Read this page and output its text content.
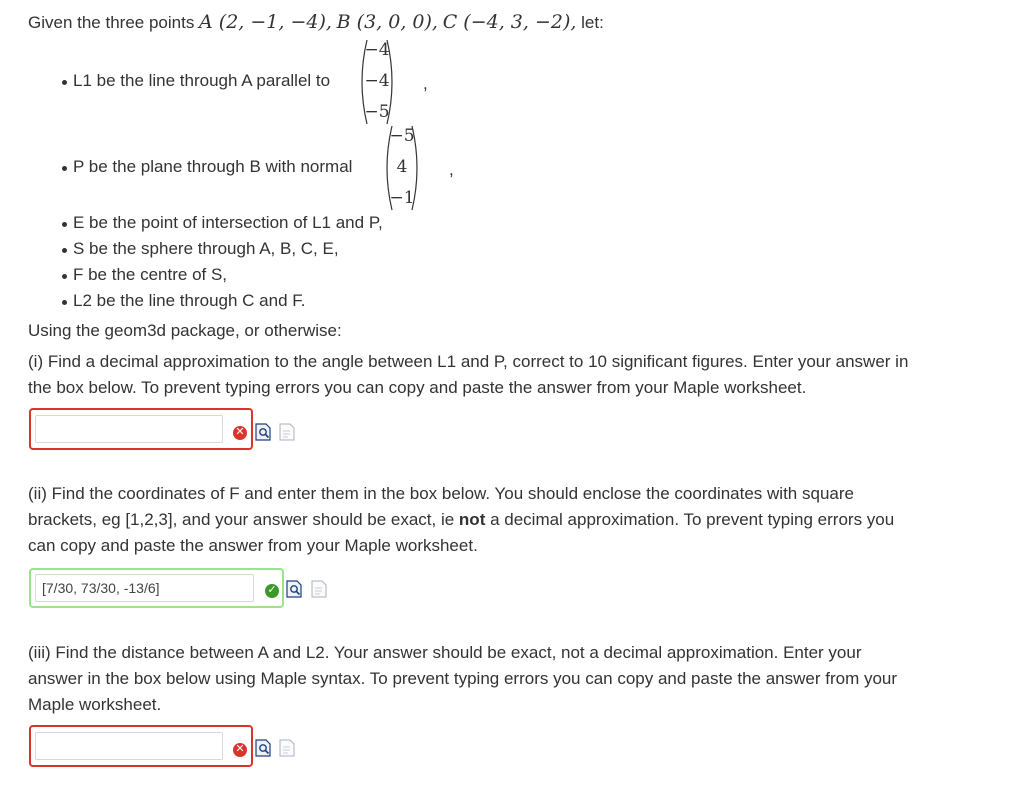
Given the three points A (2, −1, −4), B (3, 0, 0), C (−4, 3, −2), let:
L1 be the line through A parallel to
−4
−4
−5
,
P be the plane through B with normal
−5
4
−1
,
E be the point of intersection of L1 and P,
S be the sphere through A, B, C, E,
F be the centre of S,
L2 be the line through C and F.
Using the geom3d package, or otherwise:
(i) Find a decimal approximation to the angle between L1 and P, correct to 10 significant figures. Enter your answer in
the box below. To prevent typing errors you can copy and paste the answer from your Maple worksheet.
✕
(ii) Find the coordinates of F and enter them in the box below. You should enclose the coordinates with square
brackets, eg [1,2,3], and your answer should be exact, ie not a decimal approximation. To prevent typing errors you
can copy and paste the answer from your Maple worksheet.
[7/30, 73/30, -13/6]	✓
(iii) Find the distance between A and L2. Your answer should be exact, not a decimal approximation. Enter your
answer in the box below using Maple syntax. To prevent typing errors you can copy and paste the answer from your
Maple worksheet.
✕
